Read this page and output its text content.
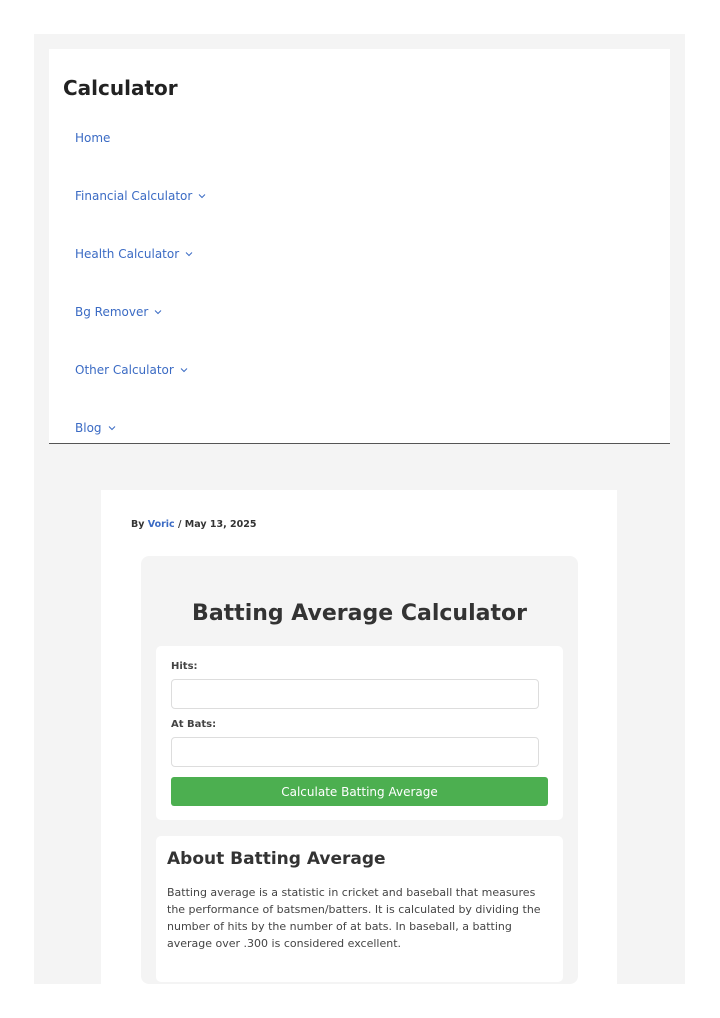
Calculator
Home
Financial Calculator
Health Calculator
Bg Remover
Other Calculator
Blog
By Voric / May 13, 2025
Batting Average Calculator
Hits:
At Bats:
Calculate Batting Average
About Batting Average
Batting average is a statistic in cricket and baseball that measures the performance of batsmen/batters. It is calculated by dividing the number of hits by the number of at bats. In baseball, a batting average over .300 is considered excellent.
